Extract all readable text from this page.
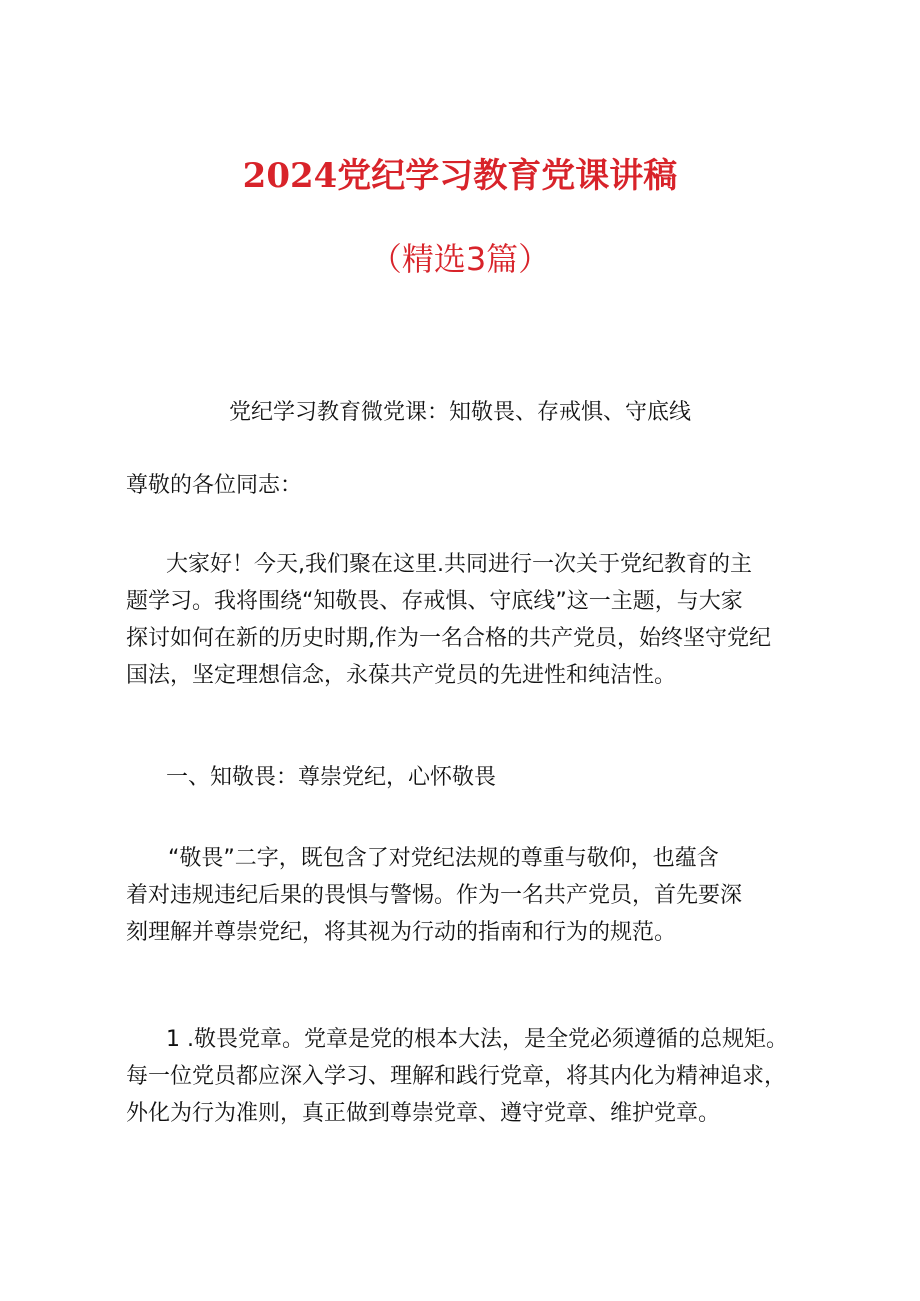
2024党纪学习教育党课讲稿
（精选3篇）
党纪学习教育微党课：知敬畏、存戒惧、守底线
尊敬的各位同志：
大家好！今天,我们聚在这里.共同进行一次关于党纪教育的主
题学习。我将围绕“知敬畏、存戒惧、守底线”这一主题，与大家
探讨如何在新的历史时期,作为一名合格的共产党员，始终坚守党纪
国法，坚定理想信念，永葆共产党员的先进性和纯洁性。
一、知敬畏：尊崇党纪，心怀敬畏
“敬畏”二字，既包含了对党纪法规的尊重与敬仰，也蕴含
着对违规违纪后果的畏惧与警惕。作为一名共产党员，首先要深
刻理解并尊崇党纪，将其视为行动的指南和行为的规范。
1 .敬畏党章。党章是党的根本大法，是全党必须遵循的总规矩。
每一位党员都应深入学习、理解和践行党章，将其内化为精神追求，
外化为行为准则，真正做到尊崇党章、遵守党章、维护党章。
